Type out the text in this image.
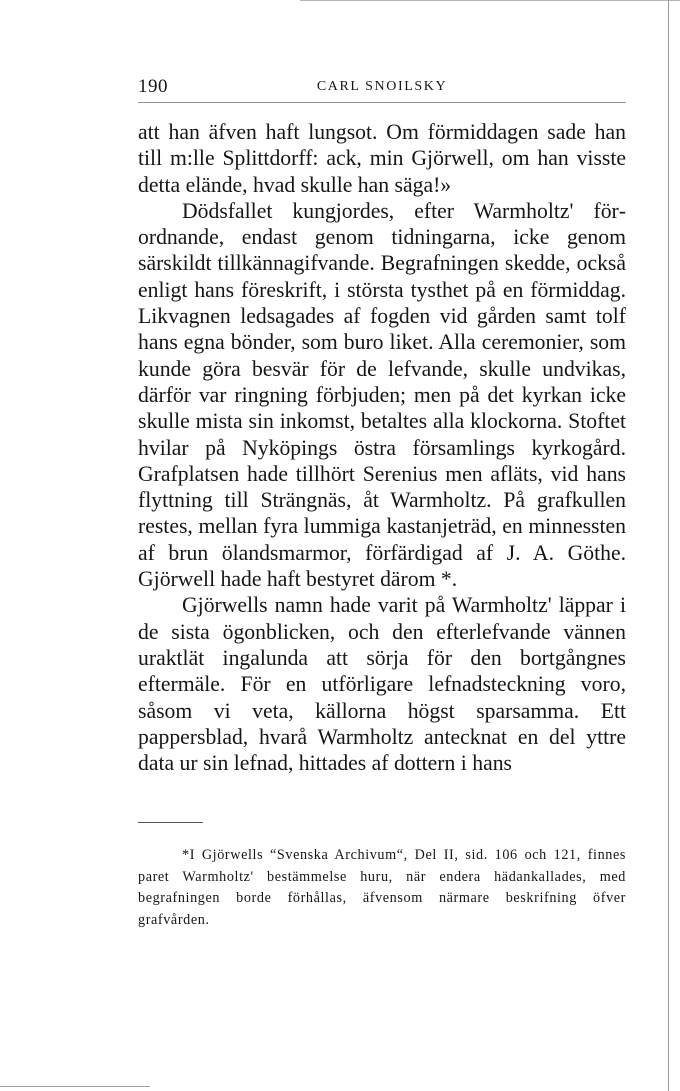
190	CARL SNOILSKY

att han äfven haft lungsot. Om förmiddagen sade han till m:lle Splittdorff: ack, min Gjörwell, om han visste detta elände, hvad skulle han säga!»

Dödsfallet kungjordes, efter Warmholtz' förordnande, endast genom tidningarna, icke genom särskildt tillkännagifvande. Begrafningen skedde, också enligt hans föreskrift, i största tysthet på en förmiddag. Likvagnen ledsagades af fogden vid gården samt tolf hans egna bönder, som buro liket. Alla ceremonier, som kunde göra besvär för de lefvande, skulle undvikas, därför var ringning förbjuden; men på det kyrkan icke skulle mista sin inkomst, betaltes alla klockorna. Stoftet hvilar på Nyköpings östra församlings kyrkogård. Grafplatsen hade tillhört Serenius men afläts, vid hans flyttning till Strängnäs, åt Warmholtz. På grafkullen restes, mellan fyra lummiga kastanjeträd, en minnessten af brun ölandsmarmor, förfärdigad af J. A. Göthe. Gjörwell hade haft bestyret därom *.

Gjörwells namn hade varit på Warmholtz' läppar i de sista ögonblicken, och den efterlefvande vännen uraktlät ingalunda att sörja för den bortgångnes eftermäle. För en utförligare lefnadsteckning voro, såsom vi veta, källorna högst sparsamma. Ett pappersblad, hvarå Warmholtz antecknat en del yttre data ur sin lefnad, hittades af dottern i hans

*I Gjörwells “Svenska Archivum“, Del II, sid. 106 och 121, finnes paret Warmholtz' bestämmelse huru, när endera hädankallades, med begrafningen borde förhållas, äfvensom närmare beskrifning öfver grafvården.
